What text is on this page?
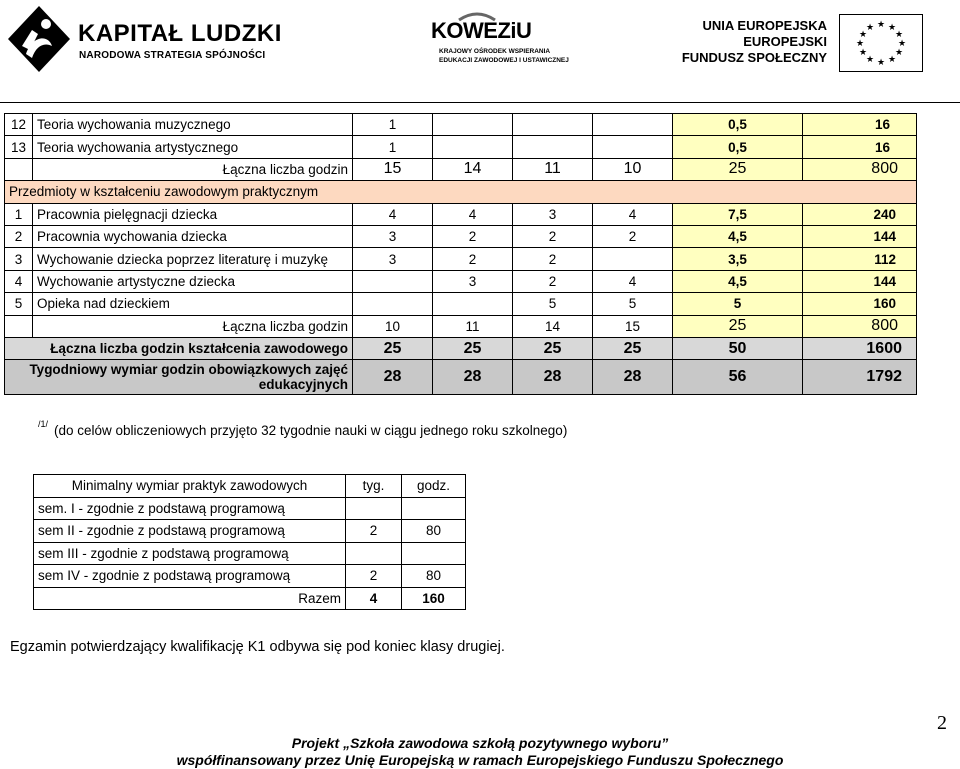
KAPITAŁ LUDZKI
NARODOWA STRATEGIA SPÓJNOŚCI
KOWEZiU
KRAJOWY OŚRODEK WSPIERANIA
EDUKACJI ZAWODOWEJ I USTAWICZNEJ
UNIA EUROPEJSKA
EUROPEJSKI
FUNDUSZ SPOŁECZNY
★ ★
★
★
★
★
★
★
★
★
★
★
12	Teoria wychowania muzycznego	1				0,5	16
13	Teoria wychowania artystycznego	1				0,5	16
	Łączna liczba godzin	15	14	11	10	25	800
Przedmioty w kształceniu zawodowym praktycznym							
1	Pracownia pielęgnacji dziecka	4	4	3	4	7,5	240
2	Pracownia wychowania dziecka	3	2	2	2	4,5	144
3	Wychowanie dziecka poprzez literaturę i muzykę	3	2	2		3,5	112
4	Wychowanie artystyczne dziecka		3	2	4	4,5	144
5	Opieka nad dzieckiem			5	5	5	160
	Łączna liczba godzin	10	11	14	15	25	800
Łączna liczba godzin kształcenia zawodowego		25	25	25	25	50	1600
Tygodniowy wymiar godzin obowiązkowych zajęć edukacyjnych		28	28	28	28	56	1792
$^{/1/}$ (do celów obliczeniowych przyjęto 32 tygodnie nauki w ciągu jednego roku szkolnego)
Minimalny wymiar praktyk zawodowych	tyg.	godz.
sem. I - zgodnie z podstawą programową		
sem II - zgodnie z podstawą programową	2	80
sem III - zgodnie z podstawą programową		
sem IV - zgodnie z podstawą programową	2	80
Razem	4	160
Egzamin potwierdzający kwalifikację K1 odbywa się pod koniec klasy drugiej.
2
Projekt „Szkoła zawodowa szkołą pozytywnego wyboru”
współfinansowany przez Unię Europejską w ramach Europejskiego Funduszu Społecznego
